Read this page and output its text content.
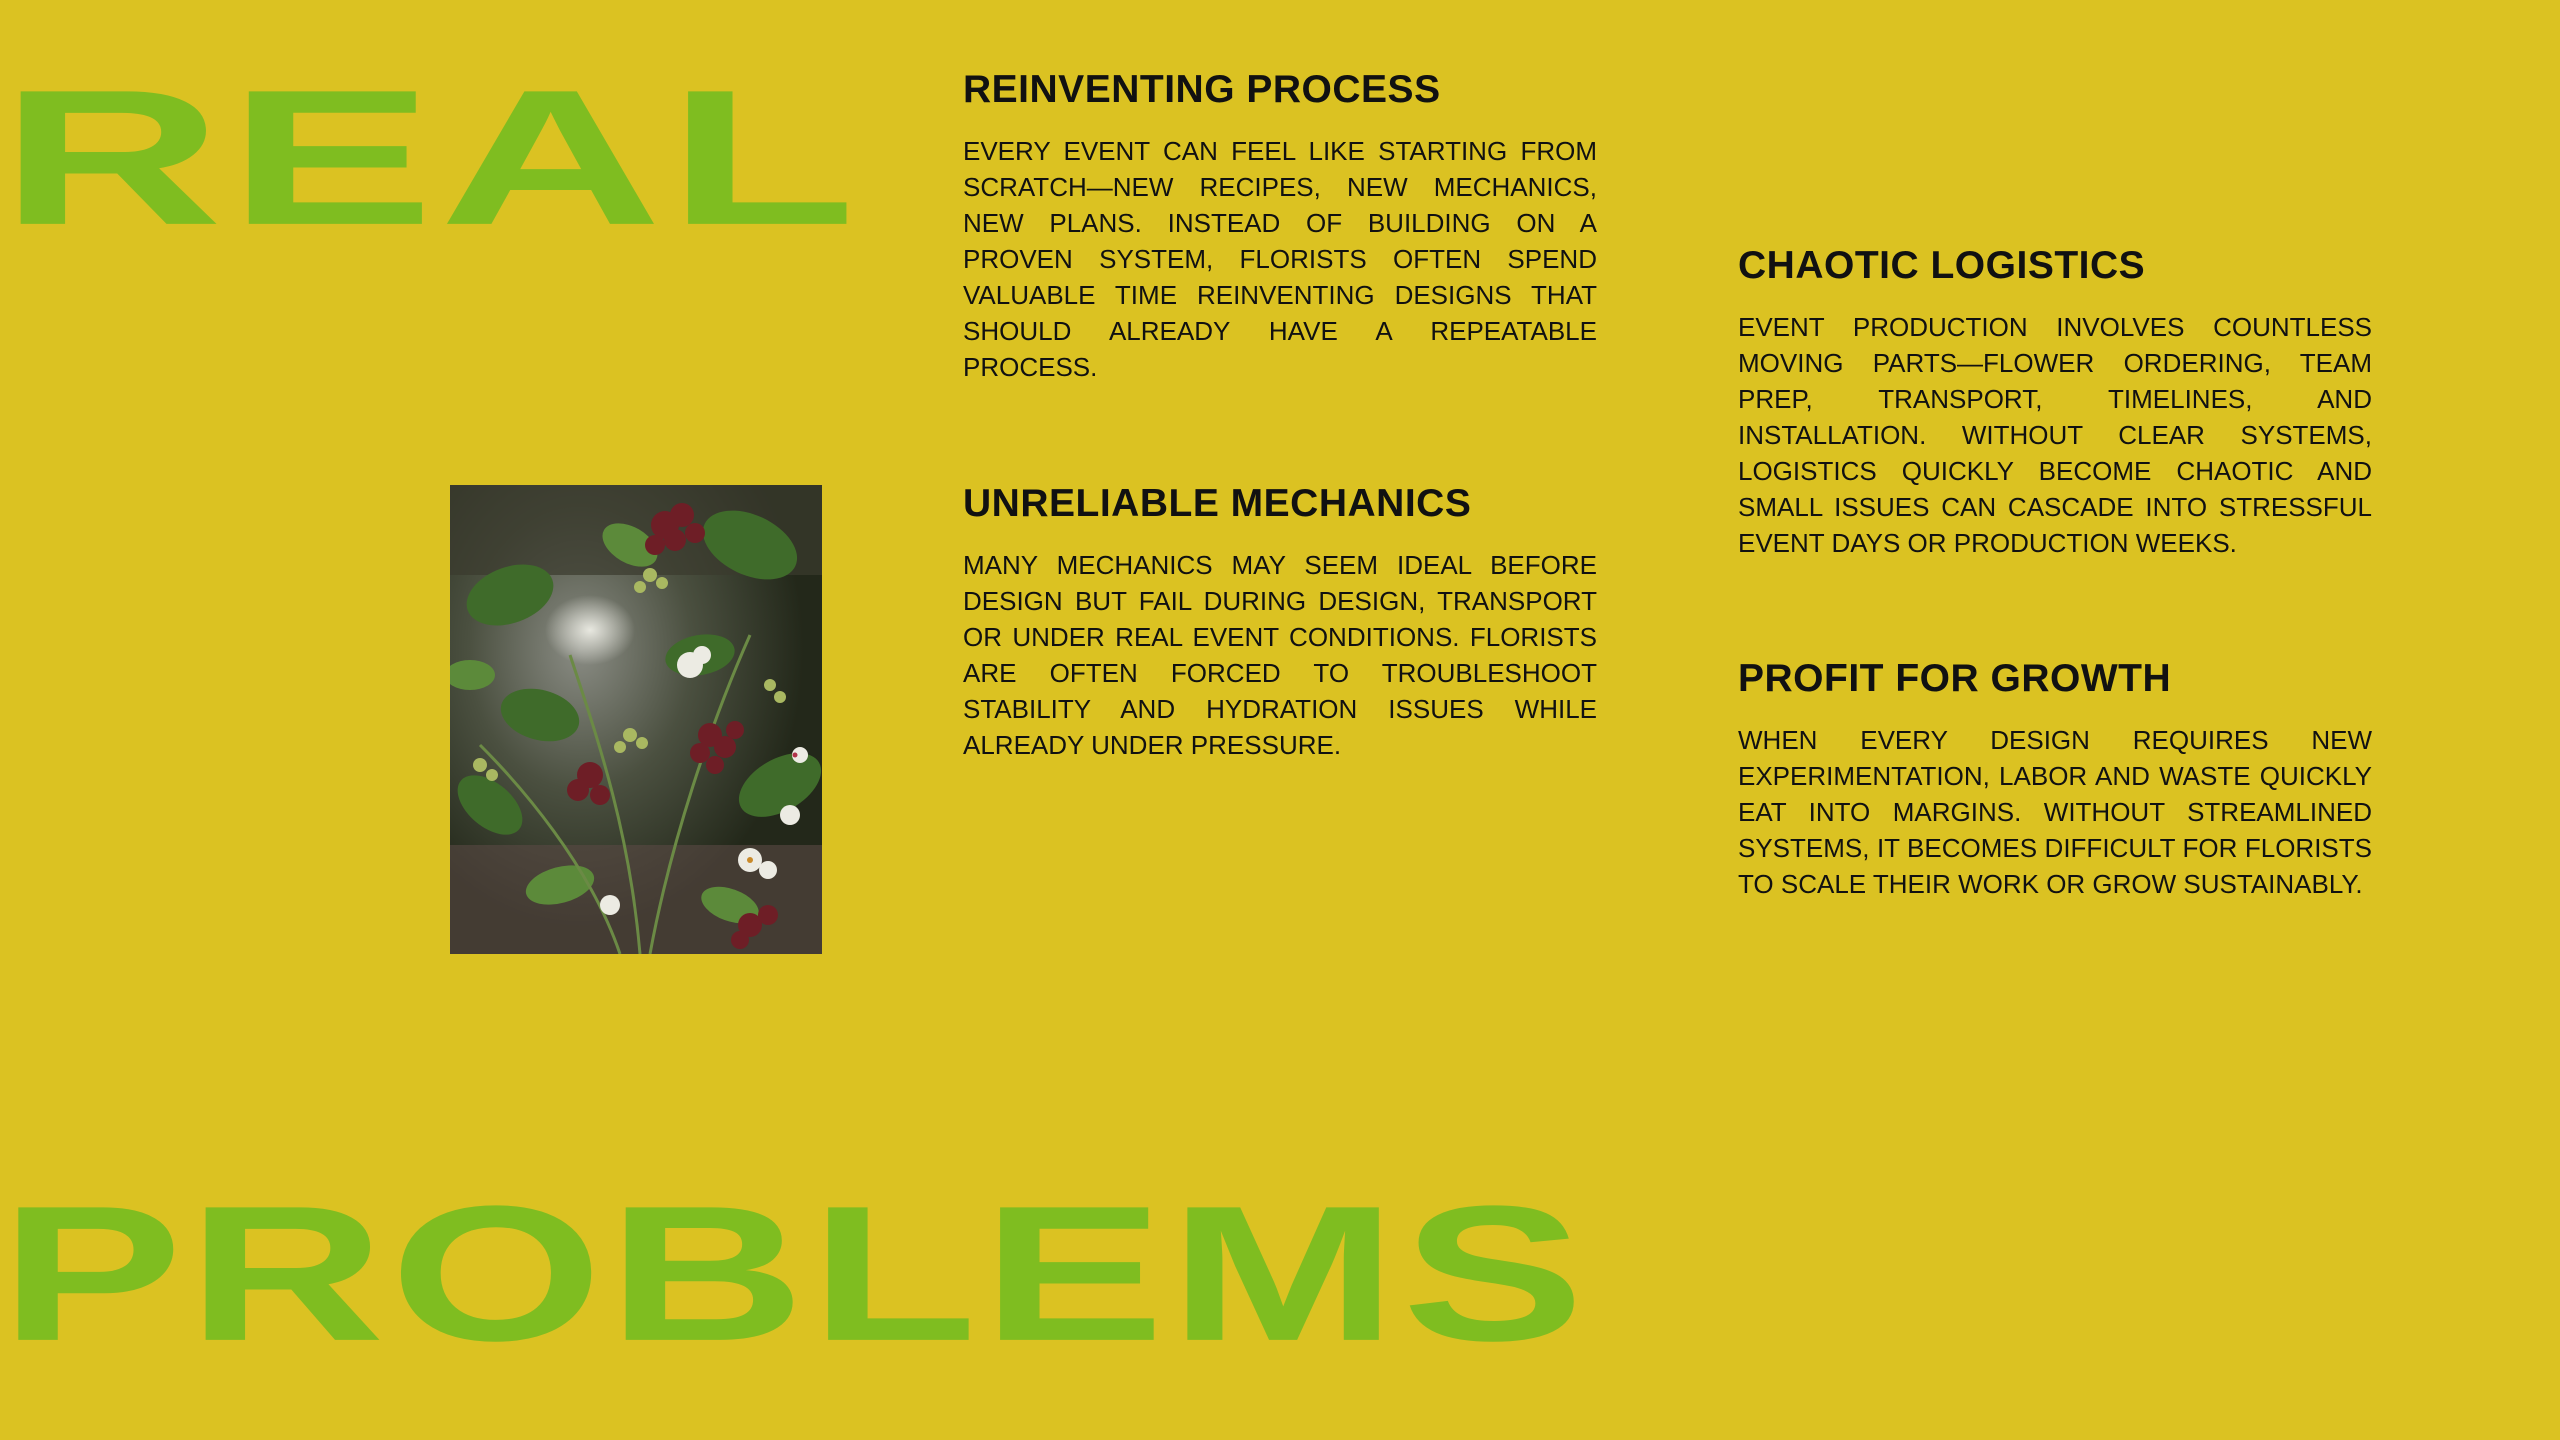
REAL	REINVENTING PROCESS

EVERY EVENT CAN FEEL LIKE STARTING FROM SCRATCH—NEW RECIPES, NEW MECHANICS, NEW PLANS. INSTEAD OF BUILDING ON A PROVEN SYSTEM, FLORISTS OFTEN SPEND VALUABLE TIME REINVENTING DESIGNS THAT SHOULD ALREADY HAVE A REPEATABLE PROCESS.

UNRELIABLE MECHANICS

MANY MECHANICS MAY SEEM IDEAL BEFORE DESIGN BUT FAIL DURING DESIGN, TRANSPORT OR UNDER REAL EVENT CONDITIONS. FLORISTS ARE OFTEN FORCED TO TROUBLESHOOT STABILITY AND HYDRATION ISSUES WHILE ALREADY UNDER PRESSURE.

CHAOTIC LOGISTICS

EVENT PRODUCTION INVOLVES COUNTLESS MOVING PARTS—FLOWER ORDERING, TEAM PREP, TRANSPORT, TIMELINES, AND INSTALLATION. WITHOUT CLEAR SYSTEMS, LOGISTICS QUICKLY BECOME CHAOTIC AND SMALL ISSUES CAN CASCADE INTO STRESSFUL EVENT DAYS OR PRODUCTION WEEKS.

PROFIT FOR GROWTH

WHEN EVERY DESIGN REQUIRES NEW EXPERIMENTATION, LABOR AND WASTE QUICKLY EAT INTO MARGINS. WITHOUT STREAMLINED SYSTEMS, IT BECOMES DIFFICULT FOR FLORISTS TO SCALE THEIR WORK OR GROW SUSTAINABLY.

PROBLEMS
